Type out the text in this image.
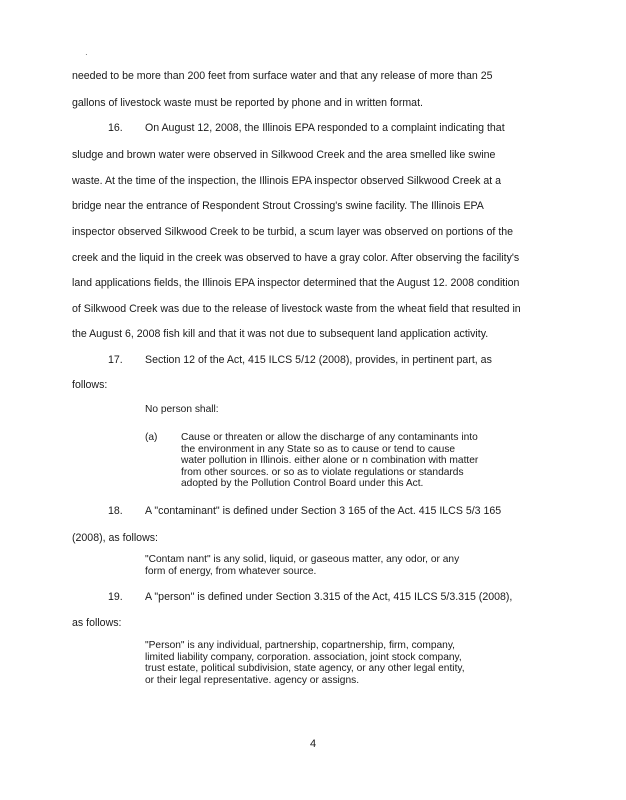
·
needed to be more than 200 feet from surface water and that any release of more than 25
gallons of livestock waste must be reported by phone and in written format.
16. On August 12, 2008, the Illinois EPA responded to a complaint indicating that
sludge and brown water were observed in Silkwood Creek and the area smelled like swine
waste. At the time of the inspection, the Illinois EPA inspector observed Silkwood Creek at a
bridge near the entrance of Respondent Strout Crossing's swine facility. The Illinois EPA
inspector observed Silkwood Creek to be turbid, a scum layer was observed on portions of the
creek and the liquid in the creek was observed to have a gray color. After observing the facility's
land applications fields, the Illinois EPA inspector determined that the August 12. 2008 condition
of Silkwood Creek was due to the release of livestock waste from the wheat field that resulted in
the August 6, 2008 fish kill and that it was not due to subsequent land application activity.
17. Section 12 of the Act, 415 ILCS 5/12 (2008), provides, in pertinent part, as
follows:
No person shall:
(a) Cause or threaten or allow the discharge of any contaminants into
the environment in any State so as to cause or tend to cause
water pollution in Illinois. either alone or n combination with matter
from other sources. or so as to violate regulations or standards
adopted by the Pollution Control Board under this Act.
18. A "contaminant" is defined under Section 3 165 of the Act. 415 ILCS 5/3 165
(2008), as follows:
"Contam nant" is any solid, liquid, or gaseous matter, any odor, or any
form of energy, from whatever source.
19. A "person" is defined under Section 3.315 of the Act, 415 ILCS 5/3.315 (2008),
as follows:
"Person" is any individual, partnership, copartnership, firm, company,
limited liability company, corporation. association, joint stock company,
trust estate, political subdivision, state agency, or any other legal entity,
or their legal representative. agency or assigns.
4
